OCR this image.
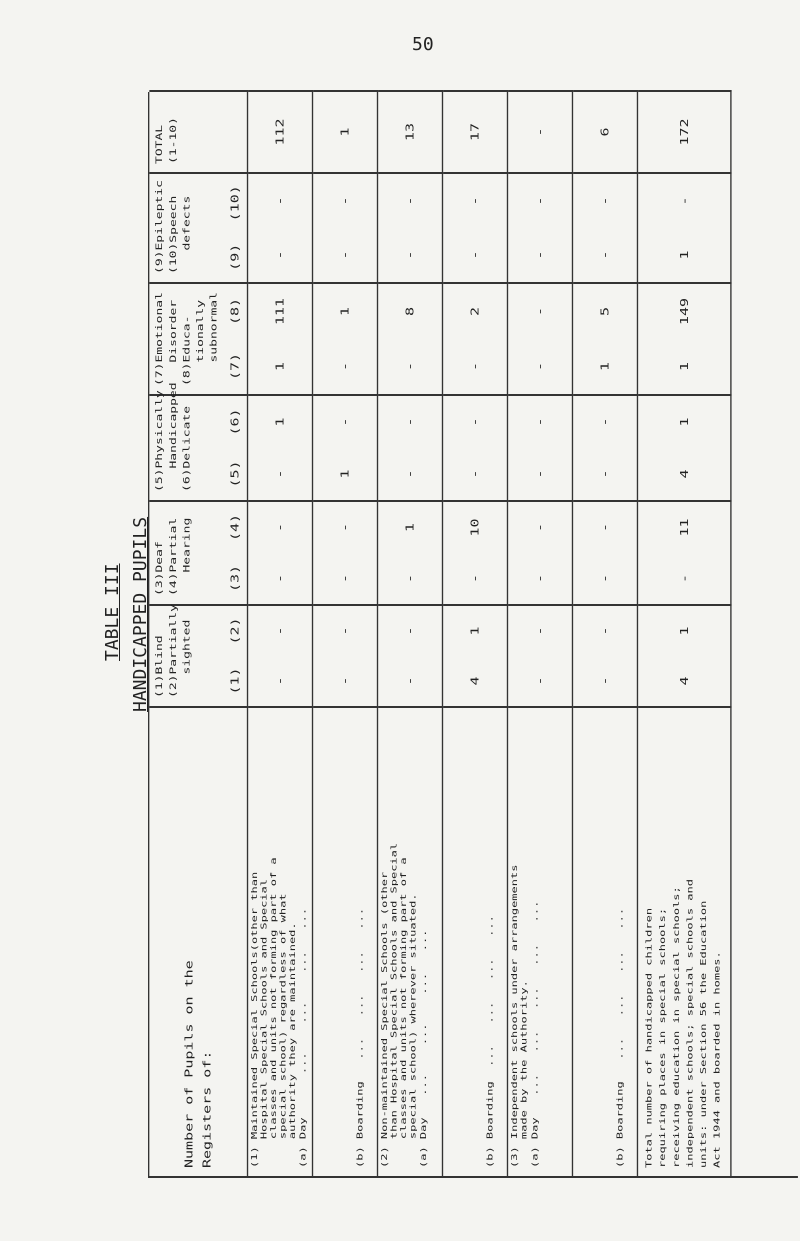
50
TABLE III HANDICAPPED PUPILS
Number of Pupils on the Registers of:
(1)Blind (2)Partially sighted (1)
(2)
(3)Deaf (4)Partial Hearing (3)
(4)
(5)Physically Handicapped (6)Delicate (5)
(6)
(7)Emotional Disorder (8)Educa- tionally subnormal (7)
(8)
(9)Epileptic (10)Speech defects (9)
(10)
TOTAL (1-10)
(1) Maintained Special Schools(other than Hospital Special Schools and Special classes and units not forming part of a special school) regardless of what authority they are maintained. (a) Day      ...    ...    ...   ...
-
-
-
-
-
1
1
111
-
-
112
(b) Boarding   ...   ...   ...   ...
-
-
-
-
1
-
-
1
-
-
1
(2) Non-maintained Special Schools (other than Hospital Special Schools and Special classes and units not forming part of a special school) wherever situated. (a) Day   ...    ...    ...   ...
-
-
-
1
-
-
-
8
-
-
13
(b) Boarding  ...   ...   ...   ...
4
1
-
10
-
-
-
2
-
-
17
(3) Independent schools under arrangements made by the Authority. (a) Day   ...   ...   ...   ...   ...
-
-
-
-
-
-
-
-
-
-
-
(b) Boarding   ...   ...   ...   ...
-
-
-
-
-
-
1
5
-
-
6
Total number of handicapped children requiring places in special schools; receiving education in special schools; independent schools; special schools and units: under Section 56 the Education Act 1944 and boarded in homes.
4
1
-
11
4
1
1
149
1
-
172
